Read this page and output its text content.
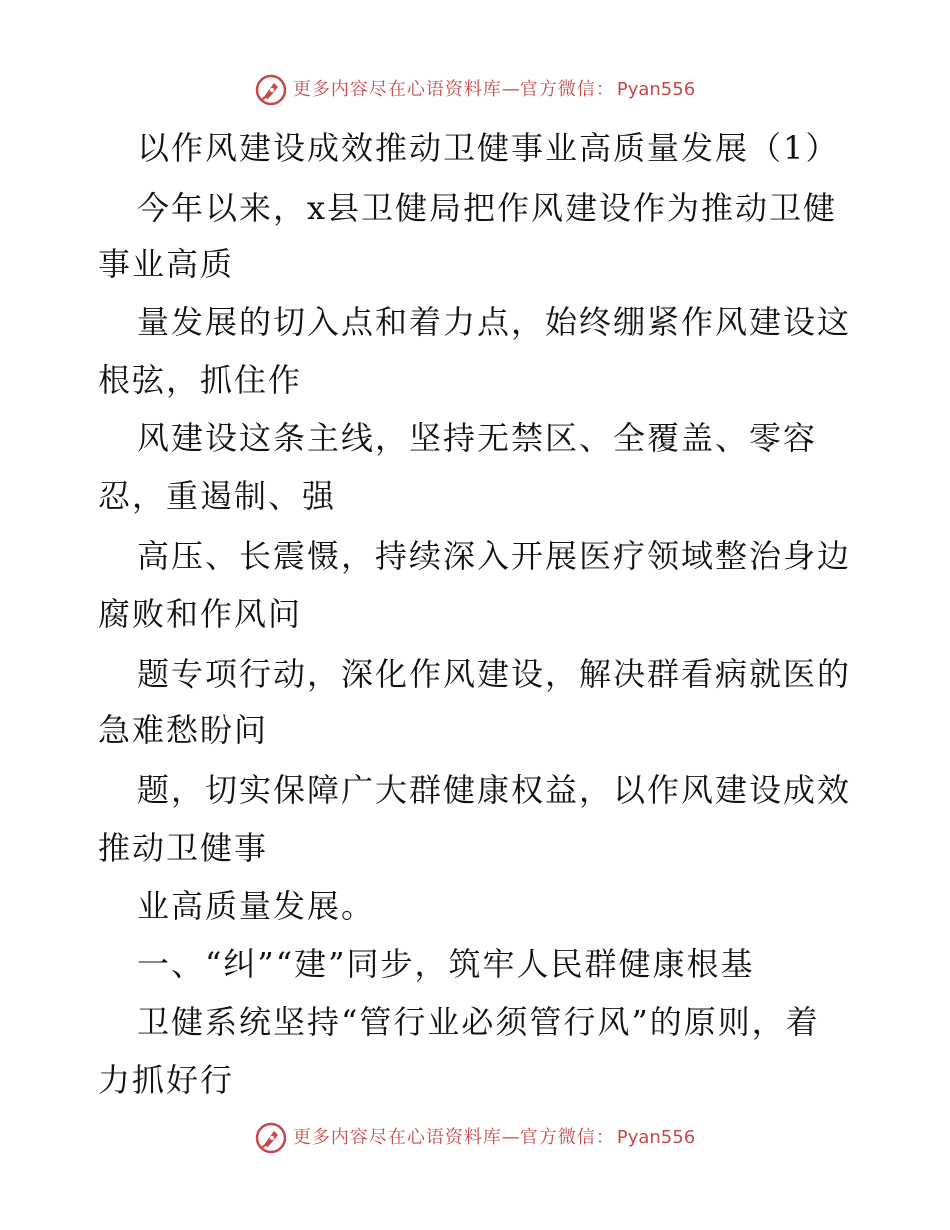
更多内容尽在心语资料库 — 官方微信： Pyan556
以作风建设成效推动卫健事业高质量发展（1）
今年以来，x县卫健局把作风建设作为推动卫健
事业高质
量发展的切入点和着力点，始终绷紧作风建设这
根弦，抓住作
风建设这条主线，坚持无禁区、全覆盖、零容
忍，重遏制、强
高压、长震慑，持续深入开展医疗领域整治身边
腐败和作风问
题专项行动，深化作风建设，解决群看病就医的
急难愁盼问
题，切实保障广大群健康权益，以作风建设成效
推动卫健事
业高质量发展。
一、“纠”“建”同步，筑牢人民群健康根基
卫健系统坚持“管行业必须管行风”的原则，着
力抓好行
更多内容尽在心语资料库 — 官方微信： Pyan556
